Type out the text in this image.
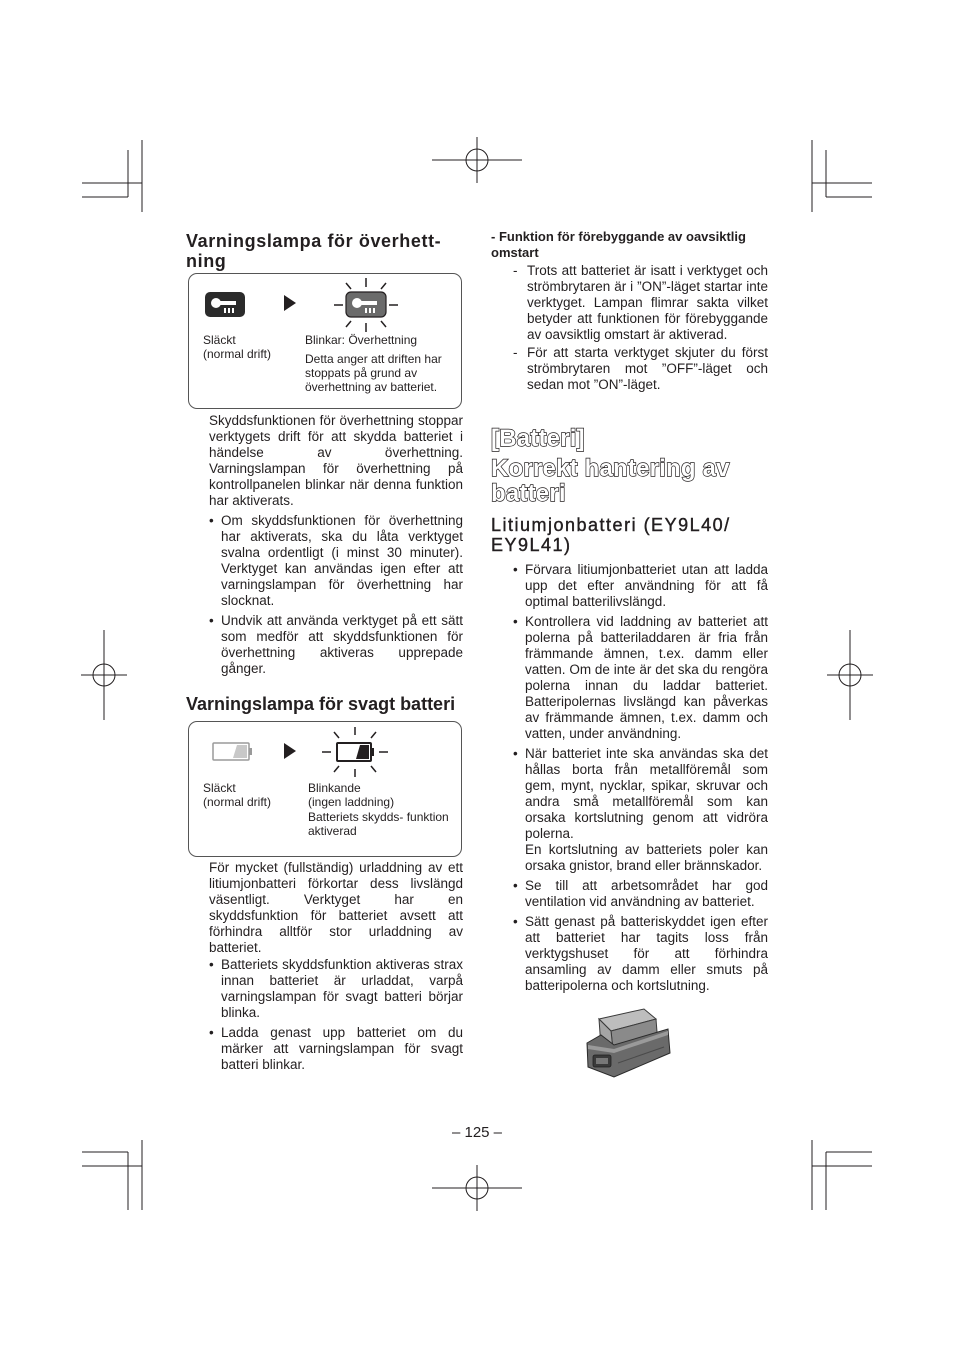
Varningslampa för överhett-ning
Släckt
(normal drift)
Blinkar: Överhettning
Detta anger att driften har stoppats på grund av överhettning av batteriet.
Skyddsfunktionen för överhettning stoppar verktygets drift för att skydda batteriet i händelse av överhettning. Varningslampan för överhettning på kontrollpanelen blinkar när denna funktion har aktiverats.
• Om skyddsfunktionen för överhettning har aktiverats, ska du låta verktyget svalna ordentligt (i minst 30 minuter). Verktyget kan användas igen efter att varningslampan för överhettning har slocknat.
• Undvik att använda verktyget på ett sätt som medför att skyddsfunktionen för överhettning aktiveras upprepade gånger.
Varningslampa för svagt batteri
Släckt
(normal drift)
Blinkande
(ingen laddning)
Batteriets skydds- funktion aktiverad
För mycket (fullständig) urladdning av ett litiumjonbatteri förkortar dess livslängd väsentligt. Verktyget har en skyddsfunktion för batteriet avsett att förhindra alltför stor urladdning av batteriet.
• Batteriets skyddsfunktion aktiveras strax innan batteriet är urladdat, varpå varningslampan för svagt batteri börjar blinka.
• Ladda genast upp batteriet om du märker att varningslampan för svagt batteri blinkar.
- Funktion för förebyggande av oavsiktlig omstart
- Trots att batteriet är isatt i verktyget och strömbrytaren är i ”ON”-läget startar inte verktyget. Lampan flimrar sakta vilket betyder att funktionen för förebyggande av oavsiktlig omstart är aktiverad.
- För att starta verktyget skjuter du först strömbrytaren mot ”OFF”-läget och sedan mot ”ON”-läget.
[Batteri]
Korrekt hantering av batteri
Litiumjonbatteri (EY9L40/ EY9L41)
• Förvara litiumjonbatteriet utan att ladda upp det efter användning för att få optimal batterilivslängd.
• Kontrollera vid laddning av batteriet att polerna på batteriladdaren är fria från främmande ämnen, t.ex. damm eller vatten. Om de inte är det ska du rengöra polerna innan du laddar batteriet. Batteripolernas livslängd kan påverkas av främmande ämnen, t.ex. damm och vatten, under användning.
• När batteriet inte ska användas ska det hållas borta från metallföremål som gem, mynt, nycklar, spikar, skruvar och andra små metallföremål som kan orsaka kortslutning genom att vidröra polerna.
En kortslutning av batteriets poler kan orsaka gnistor, brand eller brännskador.
• Se till att arbetsområdet har god ventilation vid användning av batteriet.
• Sätt genast på batteriskyddet igen efter att batteriet har tagits loss från verktygshuset för att förhindra ansamling av damm eller smuts på batteripolerna och kortslutning.
– 125 –
